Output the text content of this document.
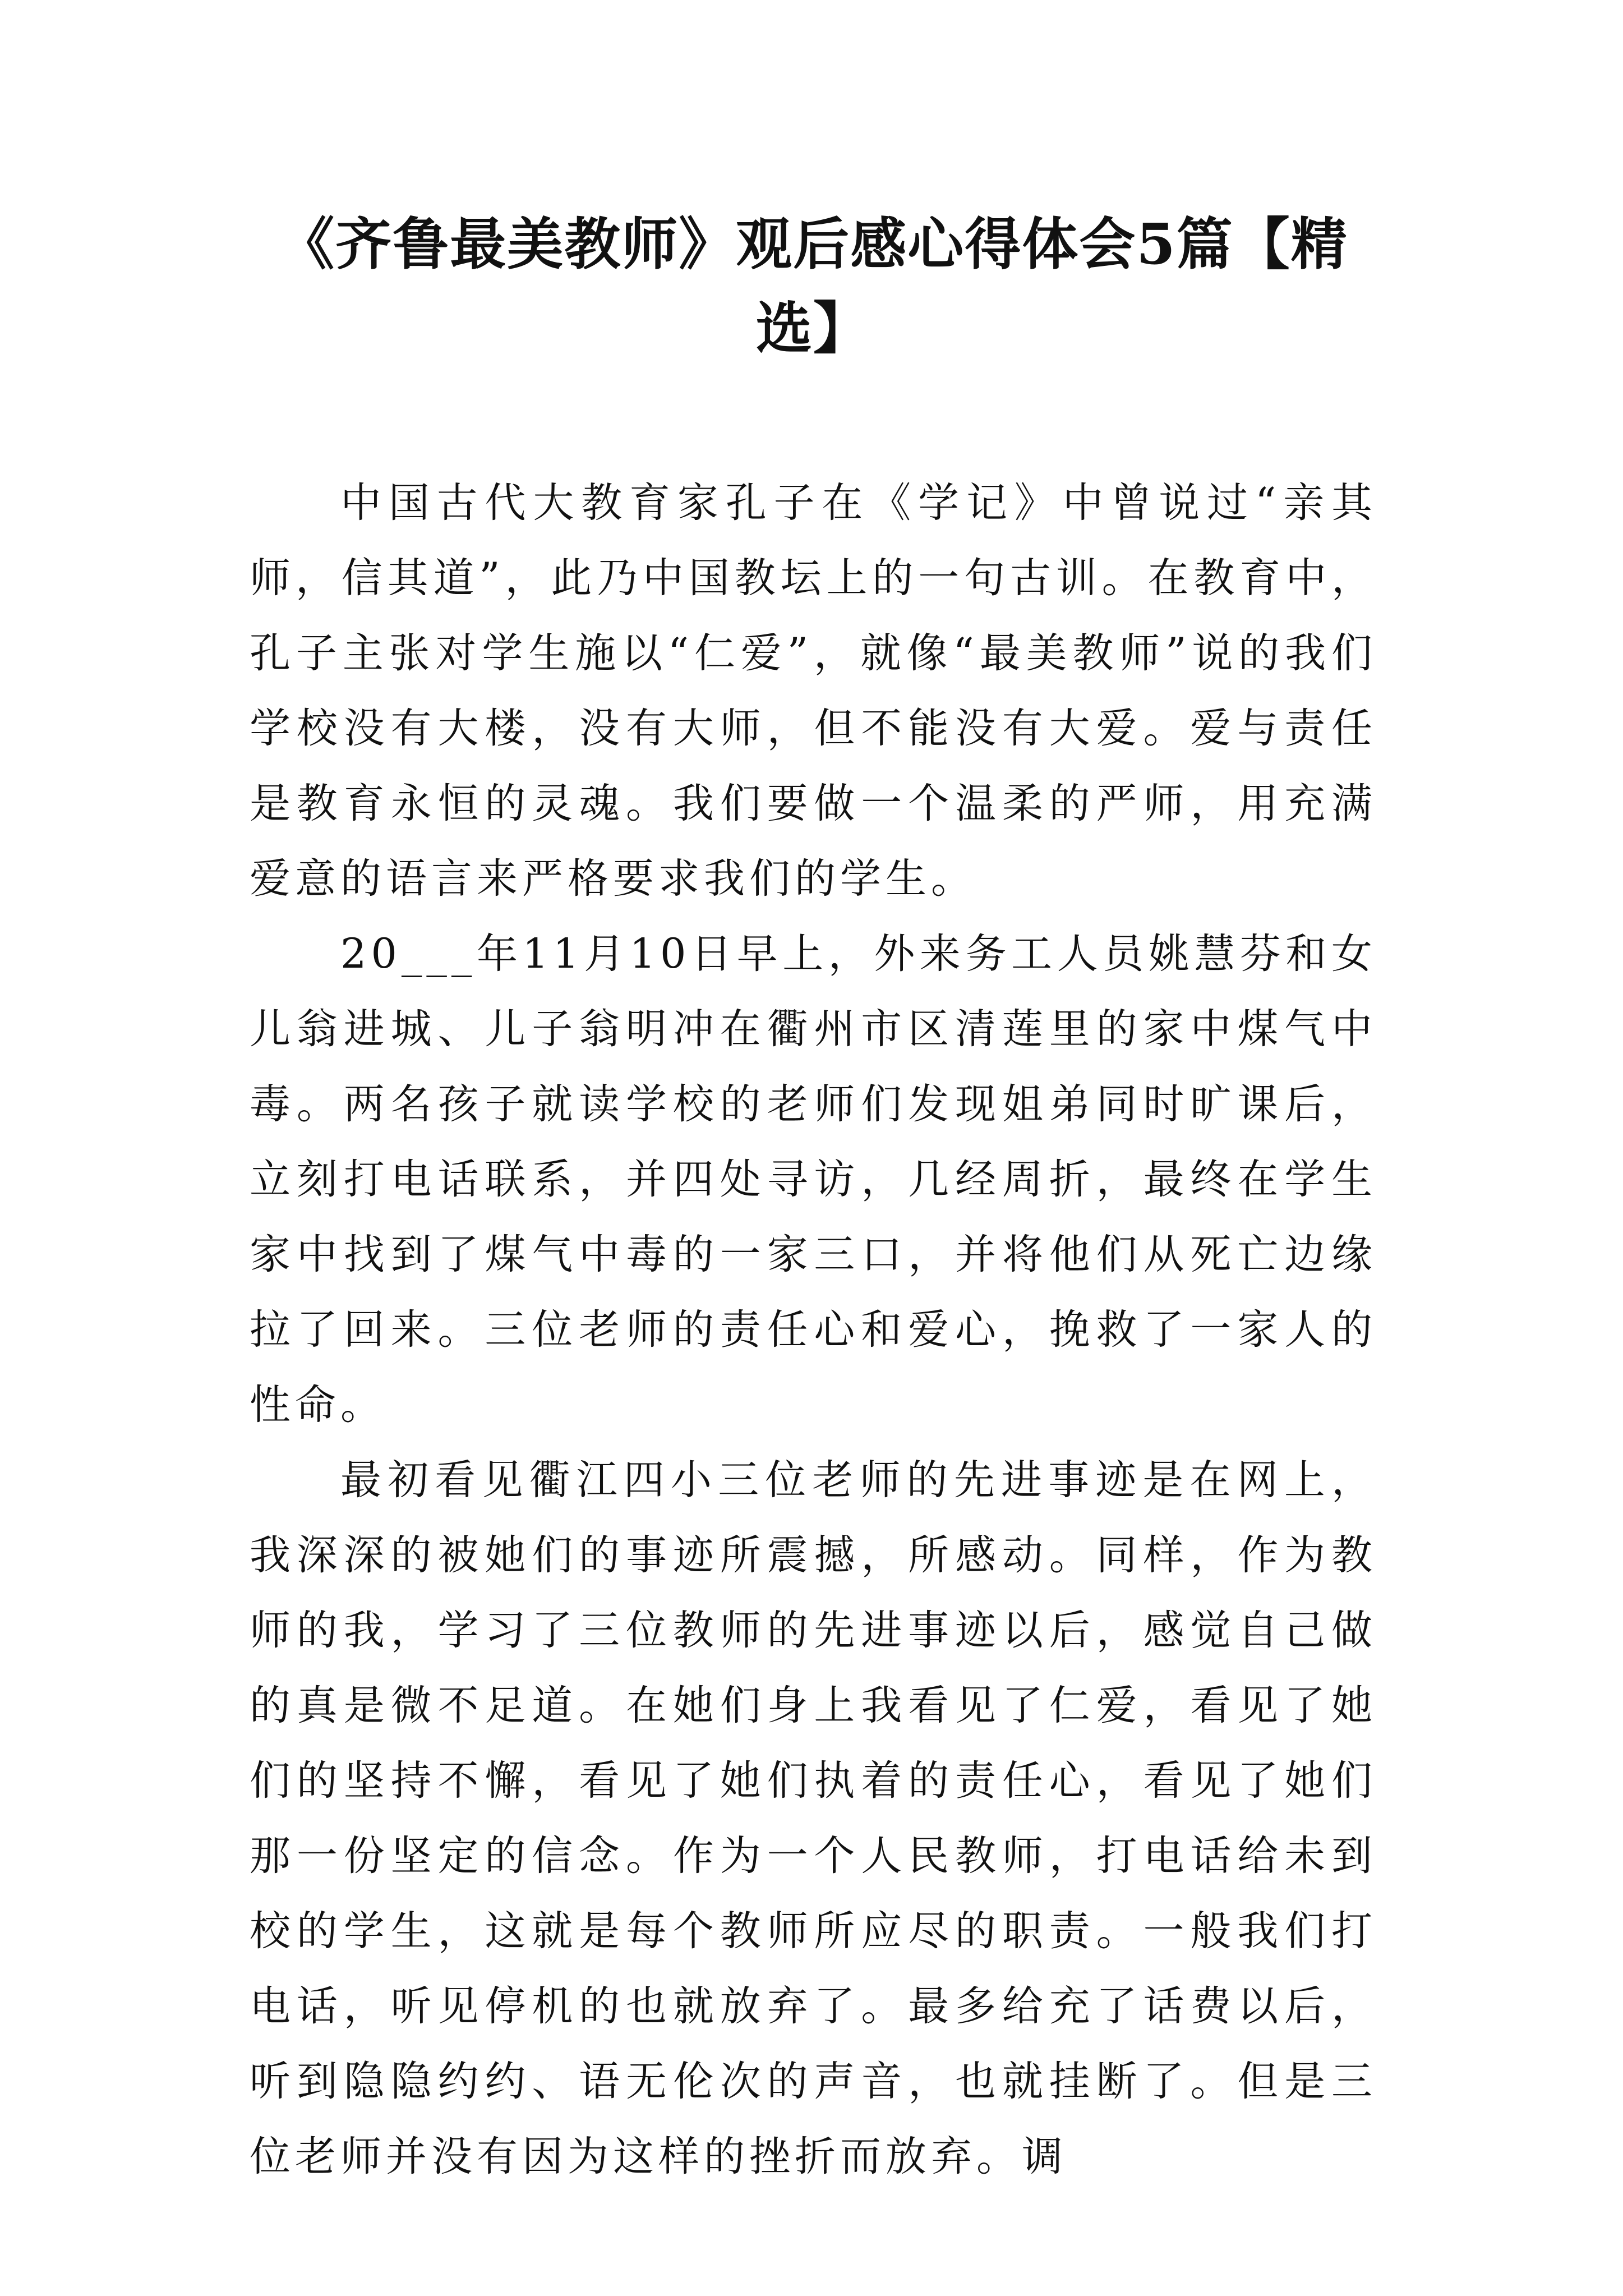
《齐鲁最美教师》观后感心得体会5篇【精选】

中国古代大教育家孔子在《学记》中曾说过“亲其师，信其道”，此乃中国教坛上的一句古训。在教育中，孔子主张对学生施以“仁爱”，就像“最美教师”说的我们学校没有大楼，没有大师，但不能没有大爱。爱与责任是教育永恒的灵魂。我们要做一个温柔的严师，用充满爱意的语言来严格要求我们的学生。

20___年11月10日早上，外来务工人员姚慧芬和女儿翁进城、儿子翁明冲在衢州市区清莲里的家中煤气中毒。两名孩子就读学校的老师们发现姐弟同时旷课后，立刻打电话联系，并四处寻访，几经周折，最终在学生家中找到了煤气中毒的一家三口，并将他们从死亡边缘拉了回来。三位老师的责任心和爱心，挽救了一家人的性命。

最初看见衢江四小三位老师的先进事迹是在网上，我深深的被她们的事迹所震撼，所感动。同样，作为教师的我，学习了三位教师的先进事迹以后，感觉自己做的真是微不足道。在她们身上我看见了仁爱，看见了她们的坚持不懈，看见了她们执着的责任心，看见了她们那一份坚定的信念。作为一个人民教师，打电话给未到校的学生，这就是每个教师所应尽的职责。一般我们打电话，听见停机的也就放弃了。最多给充了话费以后，听到隐隐约约、语无伦次的声音，也就挂断了。但是三位老师并没有因为这样的挫折而放弃。调
